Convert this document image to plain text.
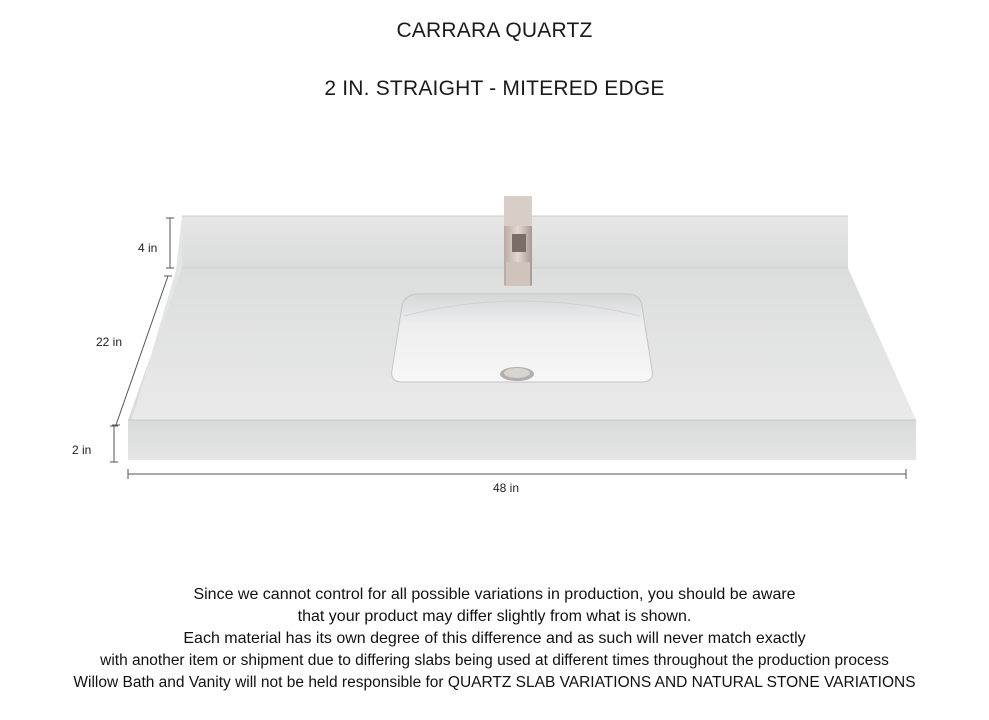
CARRARA QUARTZ
2 IN. STRAIGHT - MITERED EDGE
4 in
22 in
2 in
48 in
Since we cannot control for all possible variations in production, you should be aware
that your product may differ slightly from what is shown.
Each material has its own degree of this difference and as such will never match exactly
with another item or shipment due to differing slabs being used at different times throughout the production process
Willow Bath and Vanity will not be held responsible for QUARTZ SLAB VARIATIONS AND NATURAL STONE VARIATIONS
